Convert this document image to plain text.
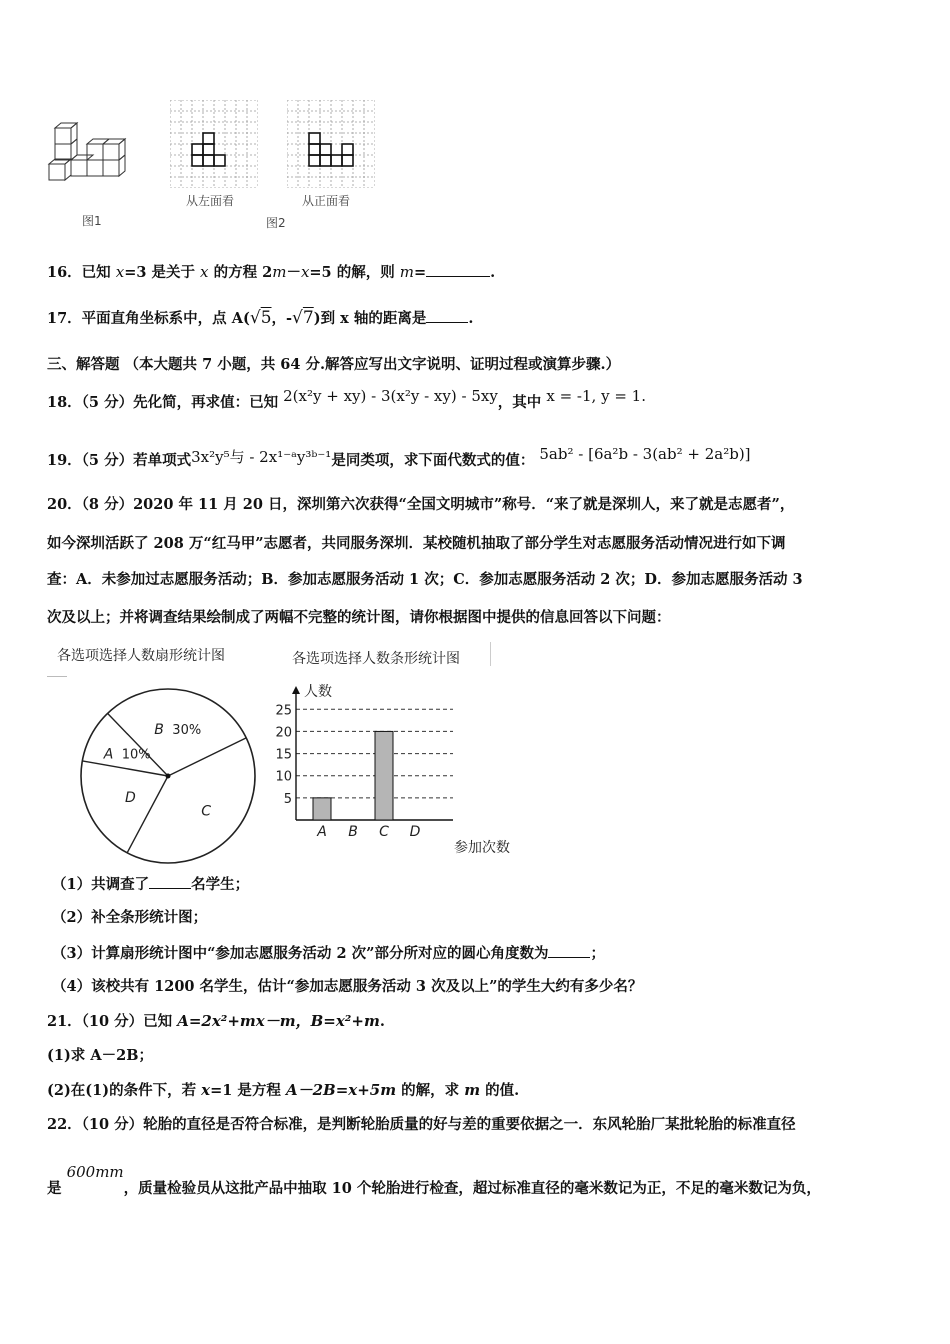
图1
从左面看
图2
从正面看
16．已知 x=3 是关于 x 的方程 2m－x=5 的解，则 m=	.
17．平面直角坐标系中，点 A(√5，-√7)到 x 轴的距离是	.
三、解答题 （本大题共 7 小题，共 64 分.解答应写出文字说明、证明过程或演算步骤.）
18．（5 分）先化简，再求值：已知 2(x²y + xy) - 3(x²y - xy) - 5xy，其中 x = -1, y = 1.
19．（5 分）若单项式3x²y⁵与 - 2x¹⁻ᵃy³ᵇ⁻¹是同类项，求下面代数式的值： 5ab² - [6a²b - 3(ab² + 2a²b)]
20．（8 分）2020 年 11 月 20 日，深圳第六次获得“全国文明城市”称号．“来了就是深圳人，来了就是志愿者”，
如今深圳活跃了 208 万“红马甲”志愿者，共同服务深圳．某校随机抽取了部分学生对志愿服务活动情况进行如下调
查：A．未参加过志愿服务活动；B．参加志愿服务活动 1 次；C．参加志愿服务活动 2 次；D．参加志愿服务活动 3
次及以上；并将调查结果绘制成了两幅不完整的统计图，请你根据图中提供的信息回答以下问题：
各选项选择人数扇形统计图
A 10%
B 30%
C
D
各选项选择人数条形统计图
5
10
15
20
25
人数
参加次数
A B C D
（1）共调查了	名学生；
（2）补全条形统计图；
（3）计算扇形统计图中“参加志愿服务活动 2 次”部分所对应的圆心角度数为	；
（4）该校共有 1200 名学生，估计“参加志愿服务活动 3 次及以上”的学生大约有多少名？
21．（10 分）已知 A=2x²+mx－m，B=x²+m.
(1)求 A－2B；
(2)在(1)的条件下，若 x=1 是方程 A－2B=x+5m 的解，求 m 的值.
22．（10 分）轮胎的直径是否符合标准，是判断轮胎质量的好与差的重要依据之一．东风轮胎厂某批轮胎的标准直径
是 600mm，质量检验员从这批产品中抽取 10 个轮胎进行检查，超过标准直径的毫米数记为正，不足的毫米数记为负，
